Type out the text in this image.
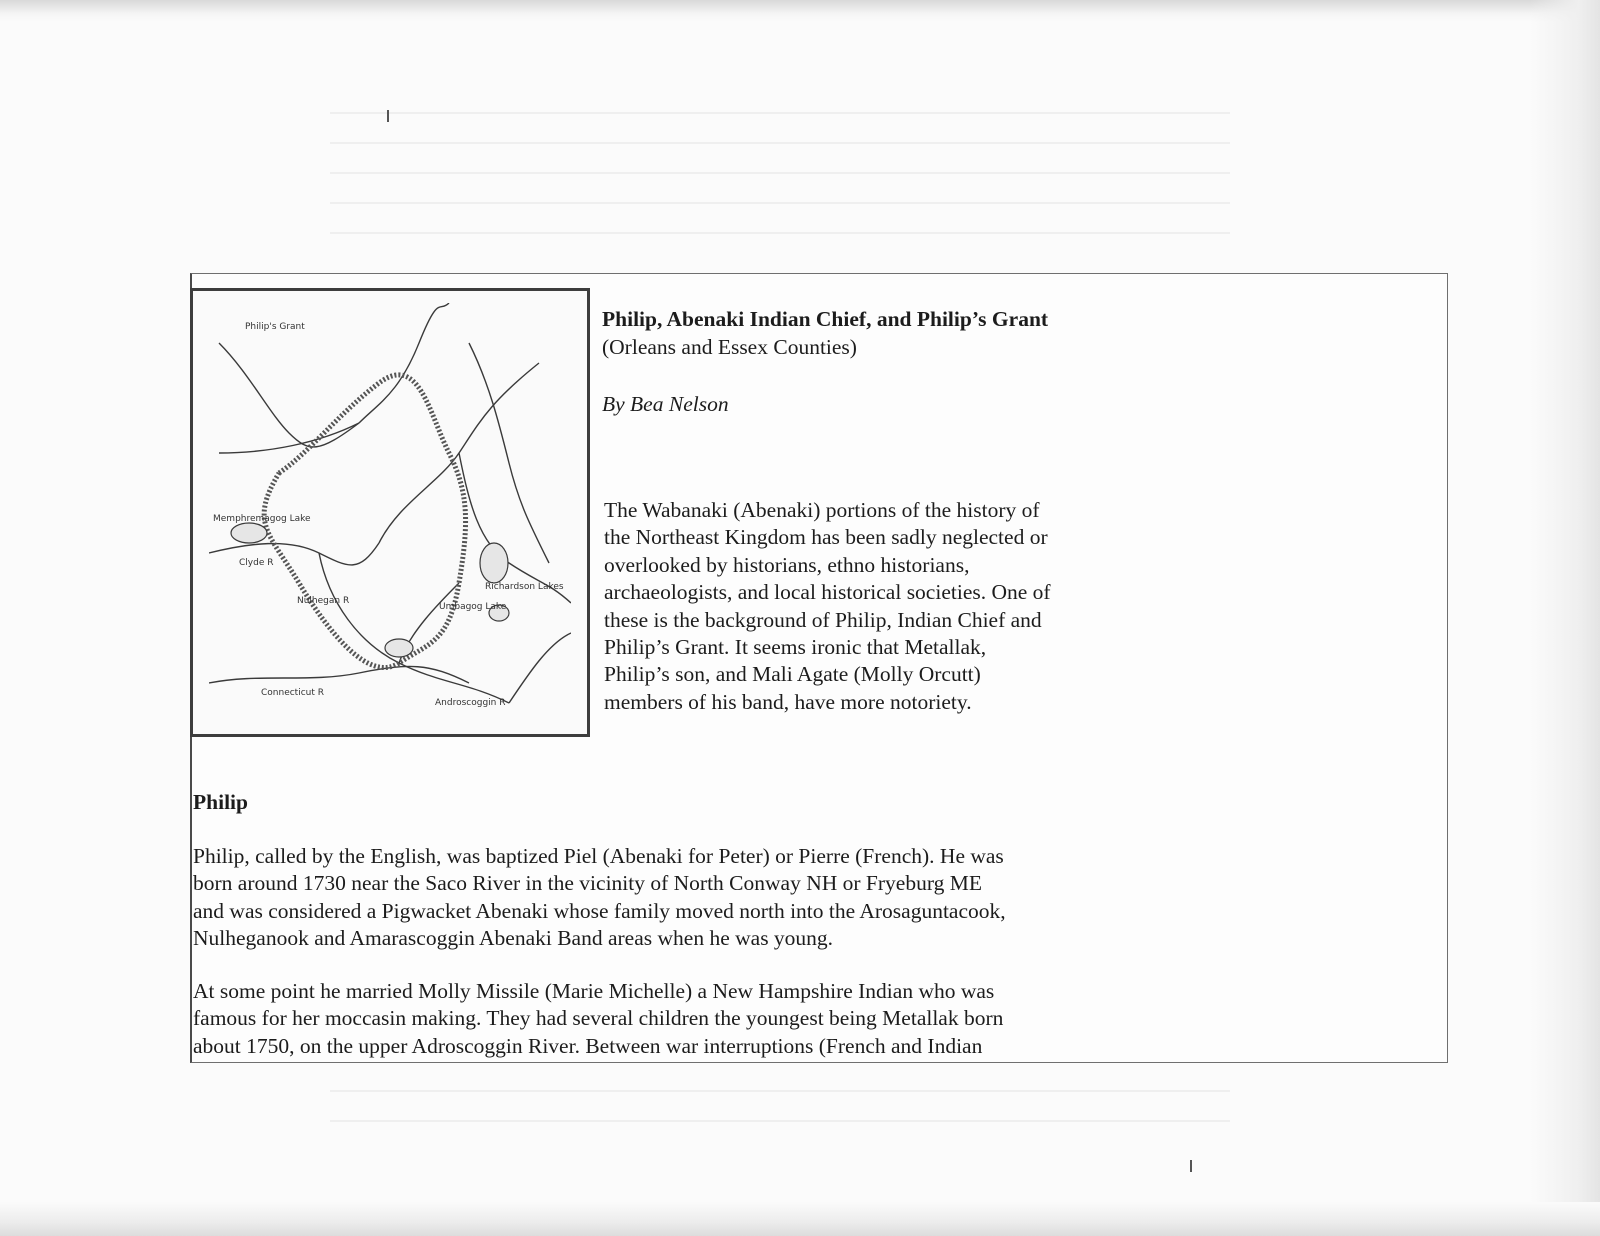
Philip's Grant
Memphremagog Lake
Clyde R
Nulhegan R
Umbagog Lake
Richardson Lakes
Connecticut R
Androscoggin R
Philip, Abenaki Indian Chief, and Philip’s Grant
(Orleans and Essex Counties)
By Bea Nelson

The Wabanaki (Abenaki) portions of the history of
the Northeast Kingdom has been sadly neglected or
overlooked by historians, ethno historians,
archaeologists, and local historical societies. One of
these is the background of Philip, Indian Chief and
Philip’s Grant. It seems ironic that Metallak,
Philip’s son, and Mali Agate (Molly Orcutt)
members of his band, have more notoriety.

Philip

Philip, called by the English, was baptized Piel (Abenaki for Peter) or Pierre (French). He was
born around 1730 near the Saco River in the vicinity of North Conway NH or Fryeburg ME
and was considered a Pigwacket Abenaki whose family moved north into the Arosaguntacook,
Nulheganook and Amarascoggin Abenaki Band areas when he was young.

At some point he married Molly Missile (Marie Michelle) a New Hampshire Indian who was
famous for her moccasin making. They had several children the youngest being Metallak born
about 1750, on the upper Adroscoggin River. Between war interruptions (French and Indian
